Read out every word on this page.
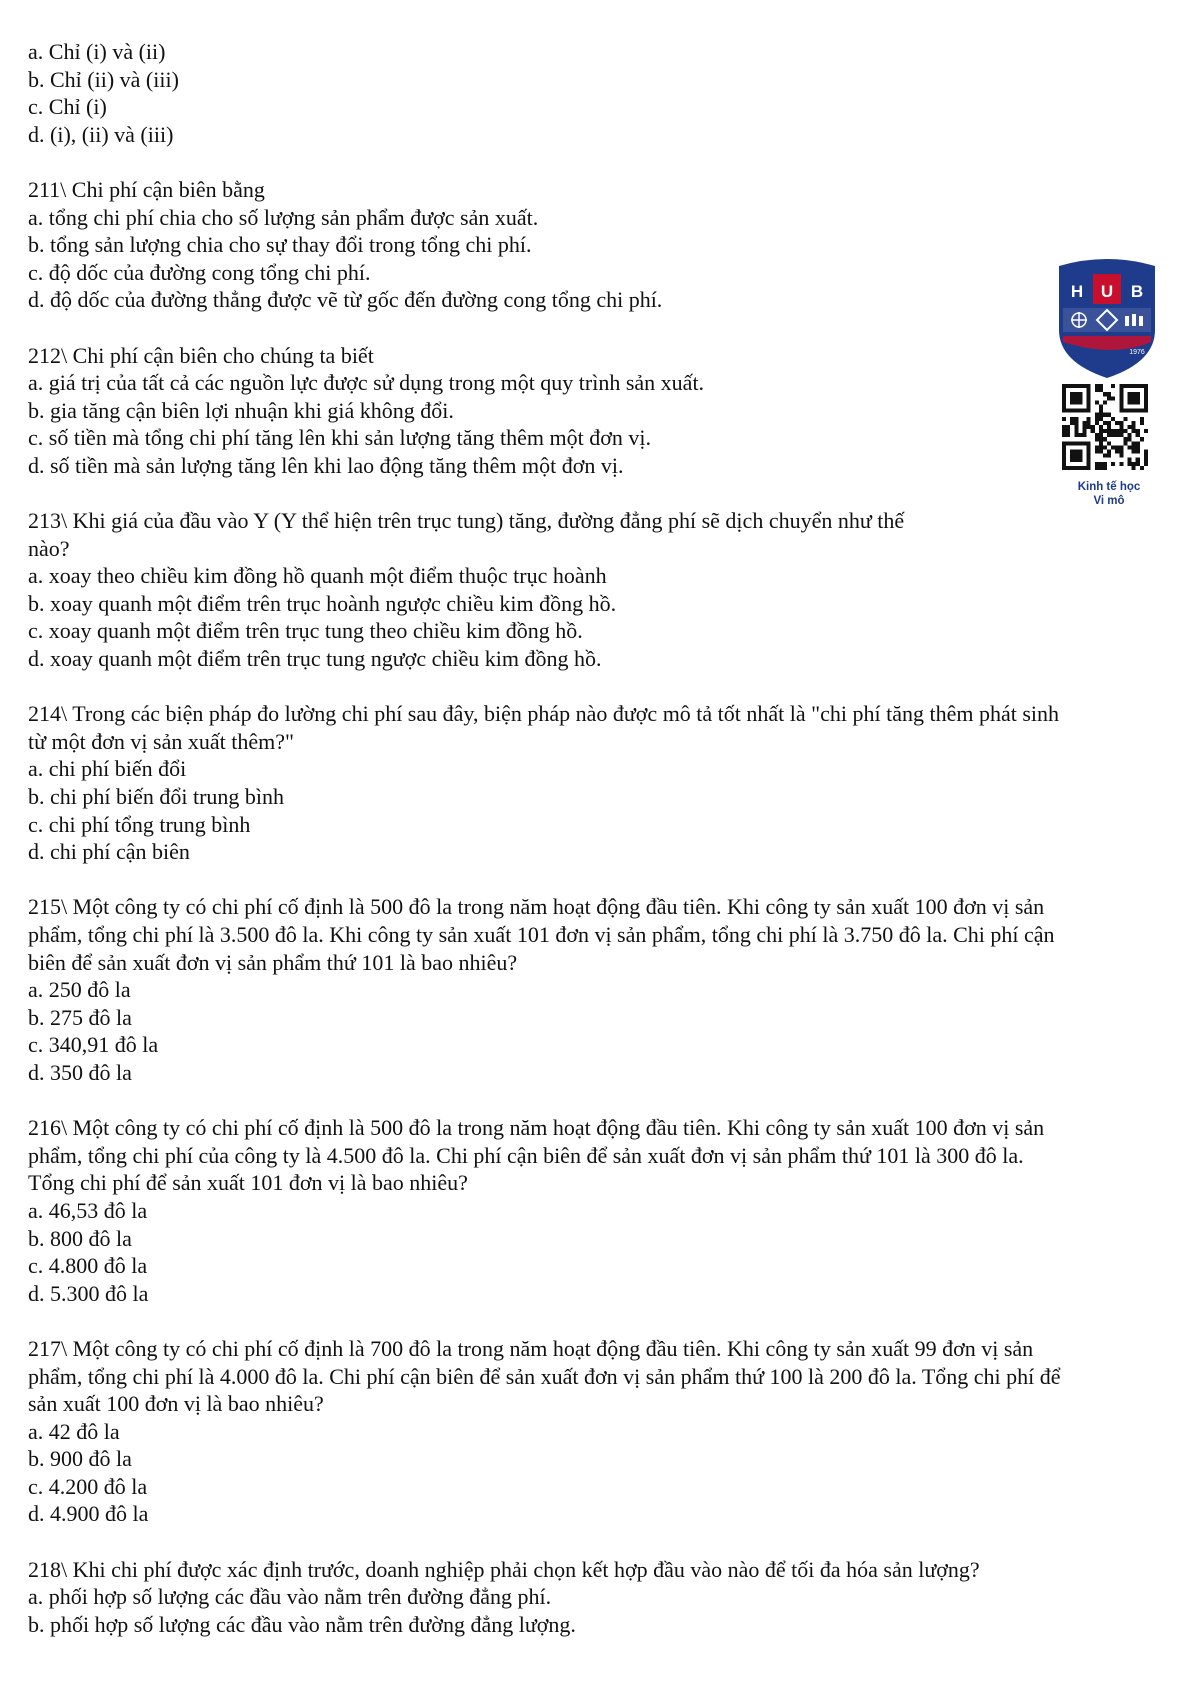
a. Chỉ (i) và (ii)
b. Chỉ (ii) và (iii)
c. Chỉ (i)
d. (i), (ii) và (iii)
211\ Chi phí cận biên bằng
a. tổng chi phí chia cho số lượng sản phẩm được sản xuất.
b. tổng sản lượng chia cho sự thay đổi trong tổng chi phí.
c. độ dốc của đường cong tổng chi phí.
d. độ dốc của đường thẳng được vẽ từ gốc đến đường cong tổng chi phí.
212\ Chi phí cận biên cho chúng ta biết
a. giá trị của tất cả các nguồn lực được sử dụng trong một quy trình sản xuất.
b. gia tăng cận biên lợi nhuận khi giá không đổi.
c. số tiền mà tổng chi phí tăng lên khi sản lượng tăng thêm một đơn vị.
d. số tiền mà sản lượng tăng lên khi lao động tăng thêm một đơn vị.
213\ Khi giá của đầu vào Y (Y thể hiện trên trục tung) tăng, đường đẳng phí sẽ dịch chuyển như thế
nào?
a. xoay theo chiều kim đồng hồ quanh một điểm thuộc trục hoành
b. xoay quanh một điểm trên trục hoành ngược chiều kim đồng hồ.
c. xoay quanh một điểm trên trục tung theo chiều kim đồng hồ.
d. xoay quanh một điểm trên trục tung ngược chiều kim đồng hồ.
214\ Trong các biện pháp đo lường chi phí sau đây, biện pháp nào được mô tả tốt nhất là "chi phí tăng thêm phát sinh
từ một đơn vị sản xuất thêm?"
a. chi phí biến đổi
b. chi phí biến đổi trung bình
c. chi phí tổng trung bình
d. chi phí cận biên
215\ Một công ty có chi phí cố định là 500 đô la trong năm hoạt động đầu tiên. Khi công ty sản xuất 100 đơn vị sản
phẩm, tổng chi phí là 3.500 đô la. Khi công ty sản xuất 101 đơn vị sản phẩm, tổng chi phí là 3.750 đô la. Chi phí cận
biên để sản xuất đơn vị sản phẩm thứ 101 là bao nhiêu?
a. 250 đô la
b. 275 đô la
c. 340,91 đô la
d. 350 đô la
216\ Một công ty có chi phí cố định là 500 đô la trong năm hoạt động đầu tiên. Khi công ty sản xuất 100 đơn vị sản
phẩm, tổng chi phí của công ty là 4.500 đô la. Chi phí cận biên để sản xuất đơn vị sản phẩm thứ 101 là 300 đô la.
Tổng chi phí để sản xuất 101 đơn vị là bao nhiêu?
a. 46,53 đô la
b. 800 đô la
c. 4.800 đô la
d. 5.300 đô la
217\ Một công ty có chi phí cố định là 700 đô la trong năm hoạt động đầu tiên. Khi công ty sản xuất 99 đơn vị sản
phẩm, tổng chi phí là 4.000 đô la. Chi phí cận biên để sản xuất đơn vị sản phẩm thứ 100 là 200 đô la. Tổng chi phí để
sản xuất 100 đơn vị là bao nhiêu?
a. 42 đô la
b. 900 đô la
c. 4.200 đô la
d. 4.900 đô la
218\ Khi chi phí được xác định trước, doanh nghiệp phải chọn kết hợp đầu vào nào để tối đa hóa sản lượng?
a. phối hợp số lượng các đầu vào nằm trên đường đẳng phí.
b. phối hợp số lượng các đầu vào nằm trên đường đẳng lượng.
H U B
1976
Kinh tế học
Vi mô
